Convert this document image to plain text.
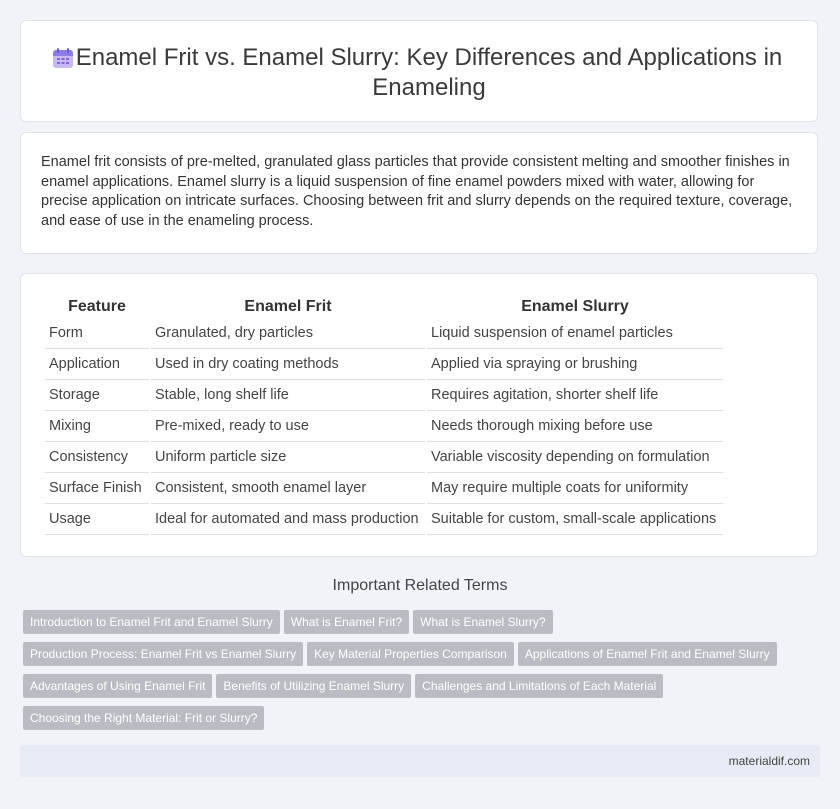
Enamel Frit vs. Enamel Slurry: Key Differences and Applications in Enameling

Enamel frit consists of pre-melted, granulated glass particles that provide consistent melting and smoother finishes in enamel applications. Enamel slurry is a liquid suspension of fine enamel powders mixed with water, allowing for precise application on intricate surfaces. Choosing between frit and slurry depends on the required texture, coverage, and ease of use in the enameling process.

Feature	Enamel Frit	Enamel Slurry
Form	Granulated, dry particles	Liquid suspension of enamel particles
Application	Used in dry coating methods	Applied via spraying or brushing
Storage	Stable, long shelf life	Requires agitation, shorter shelf life
Mixing	Pre-mixed, ready to use	Needs thorough mixing before use
Consistency	Uniform particle size	Variable viscosity depending on formulation
Surface Finish	Consistent, smooth enamel layer	May require multiple coats for uniformity
Usage	Ideal for automated and mass production	Suitable for custom, small-scale applications
Important Related Terms
Introduction to Enamel Frit and Enamel Slurry What is Enamel Frit? What is Enamel Slurry?
Production Process: Enamel Frit vs Enamel Slurry Key Material Properties Comparison Applications of Enamel Frit and Enamel Slurry
Advantages of Using Enamel Frit Benefits of Utilizing Enamel Slurry Challenges and Limitations of Each Material
Choosing the Right Material: Frit or Slurry?
materialdif.com
